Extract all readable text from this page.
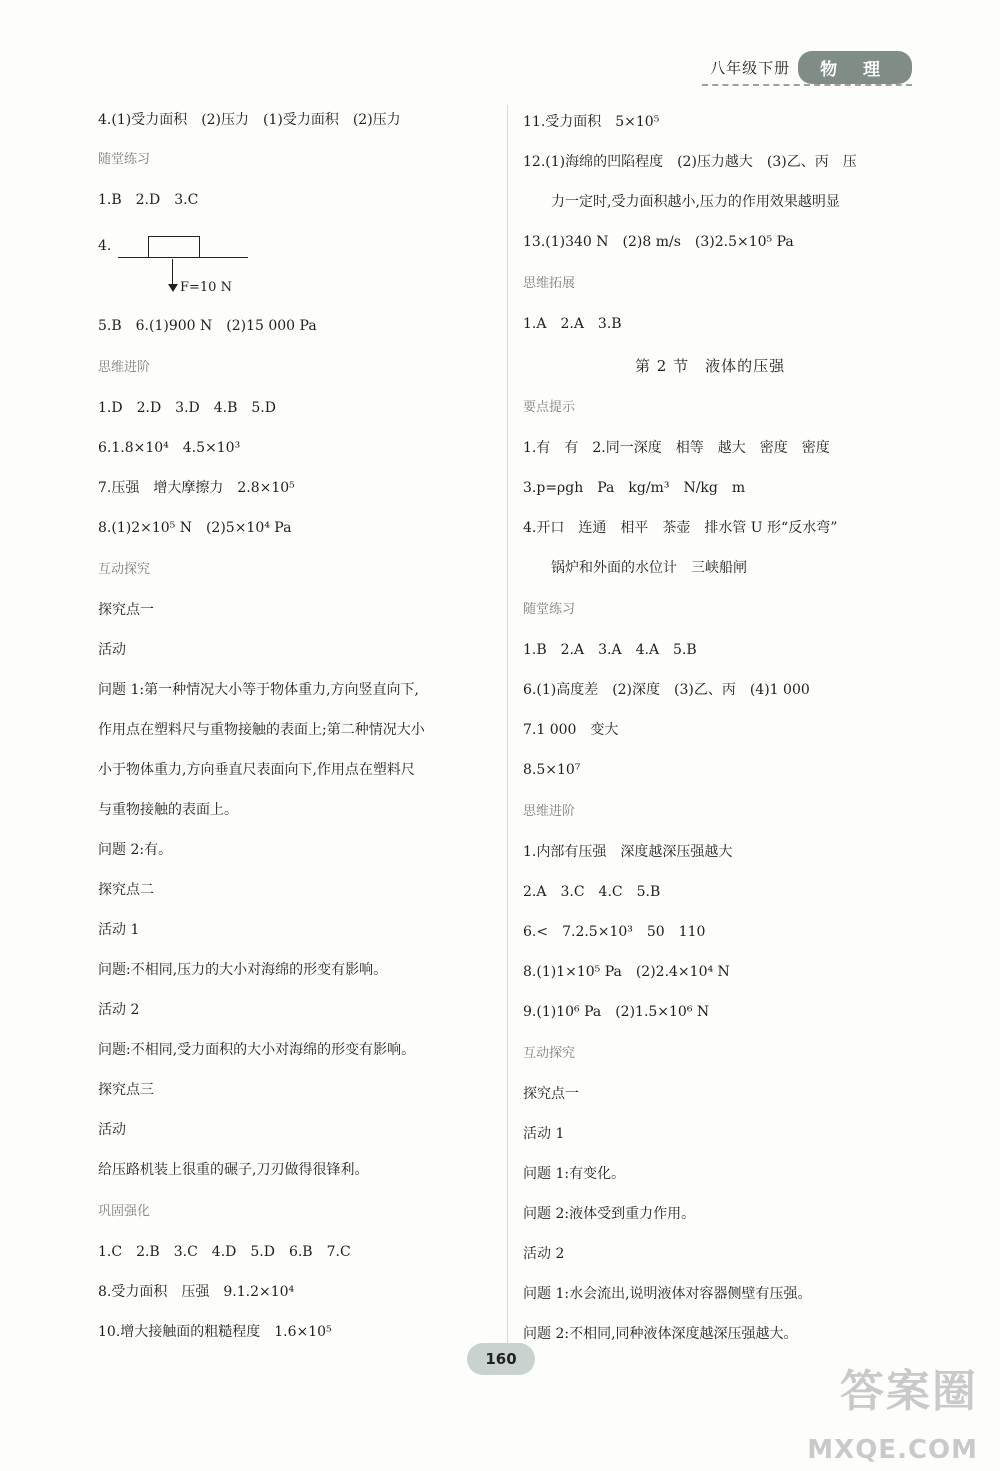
八年级下册	物 理
4.(1)受力面积　(2)压力　(1)受力面积　(2)压力
随堂练习
1.B　2.D　3.C
4.
F=10 N
5.B　6.(1)900 N　(2)15 000 Pa
思维进阶
1.D　2.D　3.D　4.B　5.D
6.1.8×10⁴　4.5×10³
7.压强　增大摩擦力　2.8×10⁵
8.(1)2×10⁵ N　(2)5×10⁴ Pa
互动探究
探究点一
活动
问题 1:第一种情况大小等于物体重力,方向竖直向下,
作用点在塑料尺与重物接触的表面上;第二种情况大小
小于物体重力,方向垂直尺表面向下,作用点在塑料尺
与重物接触的表面上。
问题 2:有。
探究点二
活动 1
问题:不相同,压力的大小对海绵的形变有影响。
活动 2
问题:不相同,受力面积的大小对海绵的形变有影响。
探究点三
活动
给压路机装上很重的碾子,刀刃做得很锋利。
巩固强化
1.C　2.B　3.C　4.D　5.D　6.B　7.C
8.受力面积　压强　9.1.2×10⁴
10.增大接触面的粗糙程度　1.6×10⁵
11.受力面积　5×10⁵
12.(1)海绵的凹陷程度　(2)压力越大　(3)乙、丙　压
力一定时,受力面积越小,压力的作用效果越明显
13.(1)340 N　(2)8 m/s　(3)2.5×10⁵ Pa
思维拓展
1.A　2.A　3.B
第 2 节　液体的压强
要点提示
1.有　有　2.同一深度　相等　越大　密度　密度
3.p=ρgh　Pa　kg/m³　N/kg　m
4.开口　连通　相平　茶壶　排水管 U 形“反水弯”
锅炉和外面的水位计　三峡船闸
随堂练习
1.B　2.A　3.A　4.A　5.B
6.(1)高度差　(2)深度　(3)乙、丙　(4)1 000
7.1 000　变大
8.5×10⁷
思维进阶
1.内部有压强　深度越深压强越大
2.A　3.C　4.C　5.B
6.<　7.2.5×10³　50　110
8.(1)1×10⁵ Pa　(2)2.4×10⁴ N
9.(1)10⁶ Pa　(2)1.5×10⁶ N
互动探究
探究点一
活动 1
问题 1:有变化。
问题 2:液体受到重力作用。
活动 2
问题 1:水会流出,说明液体对容器侧壁有压强。
问题 2:不相同,同种液体深度越深压强越大。
160
答案圈
MXQE.COM
